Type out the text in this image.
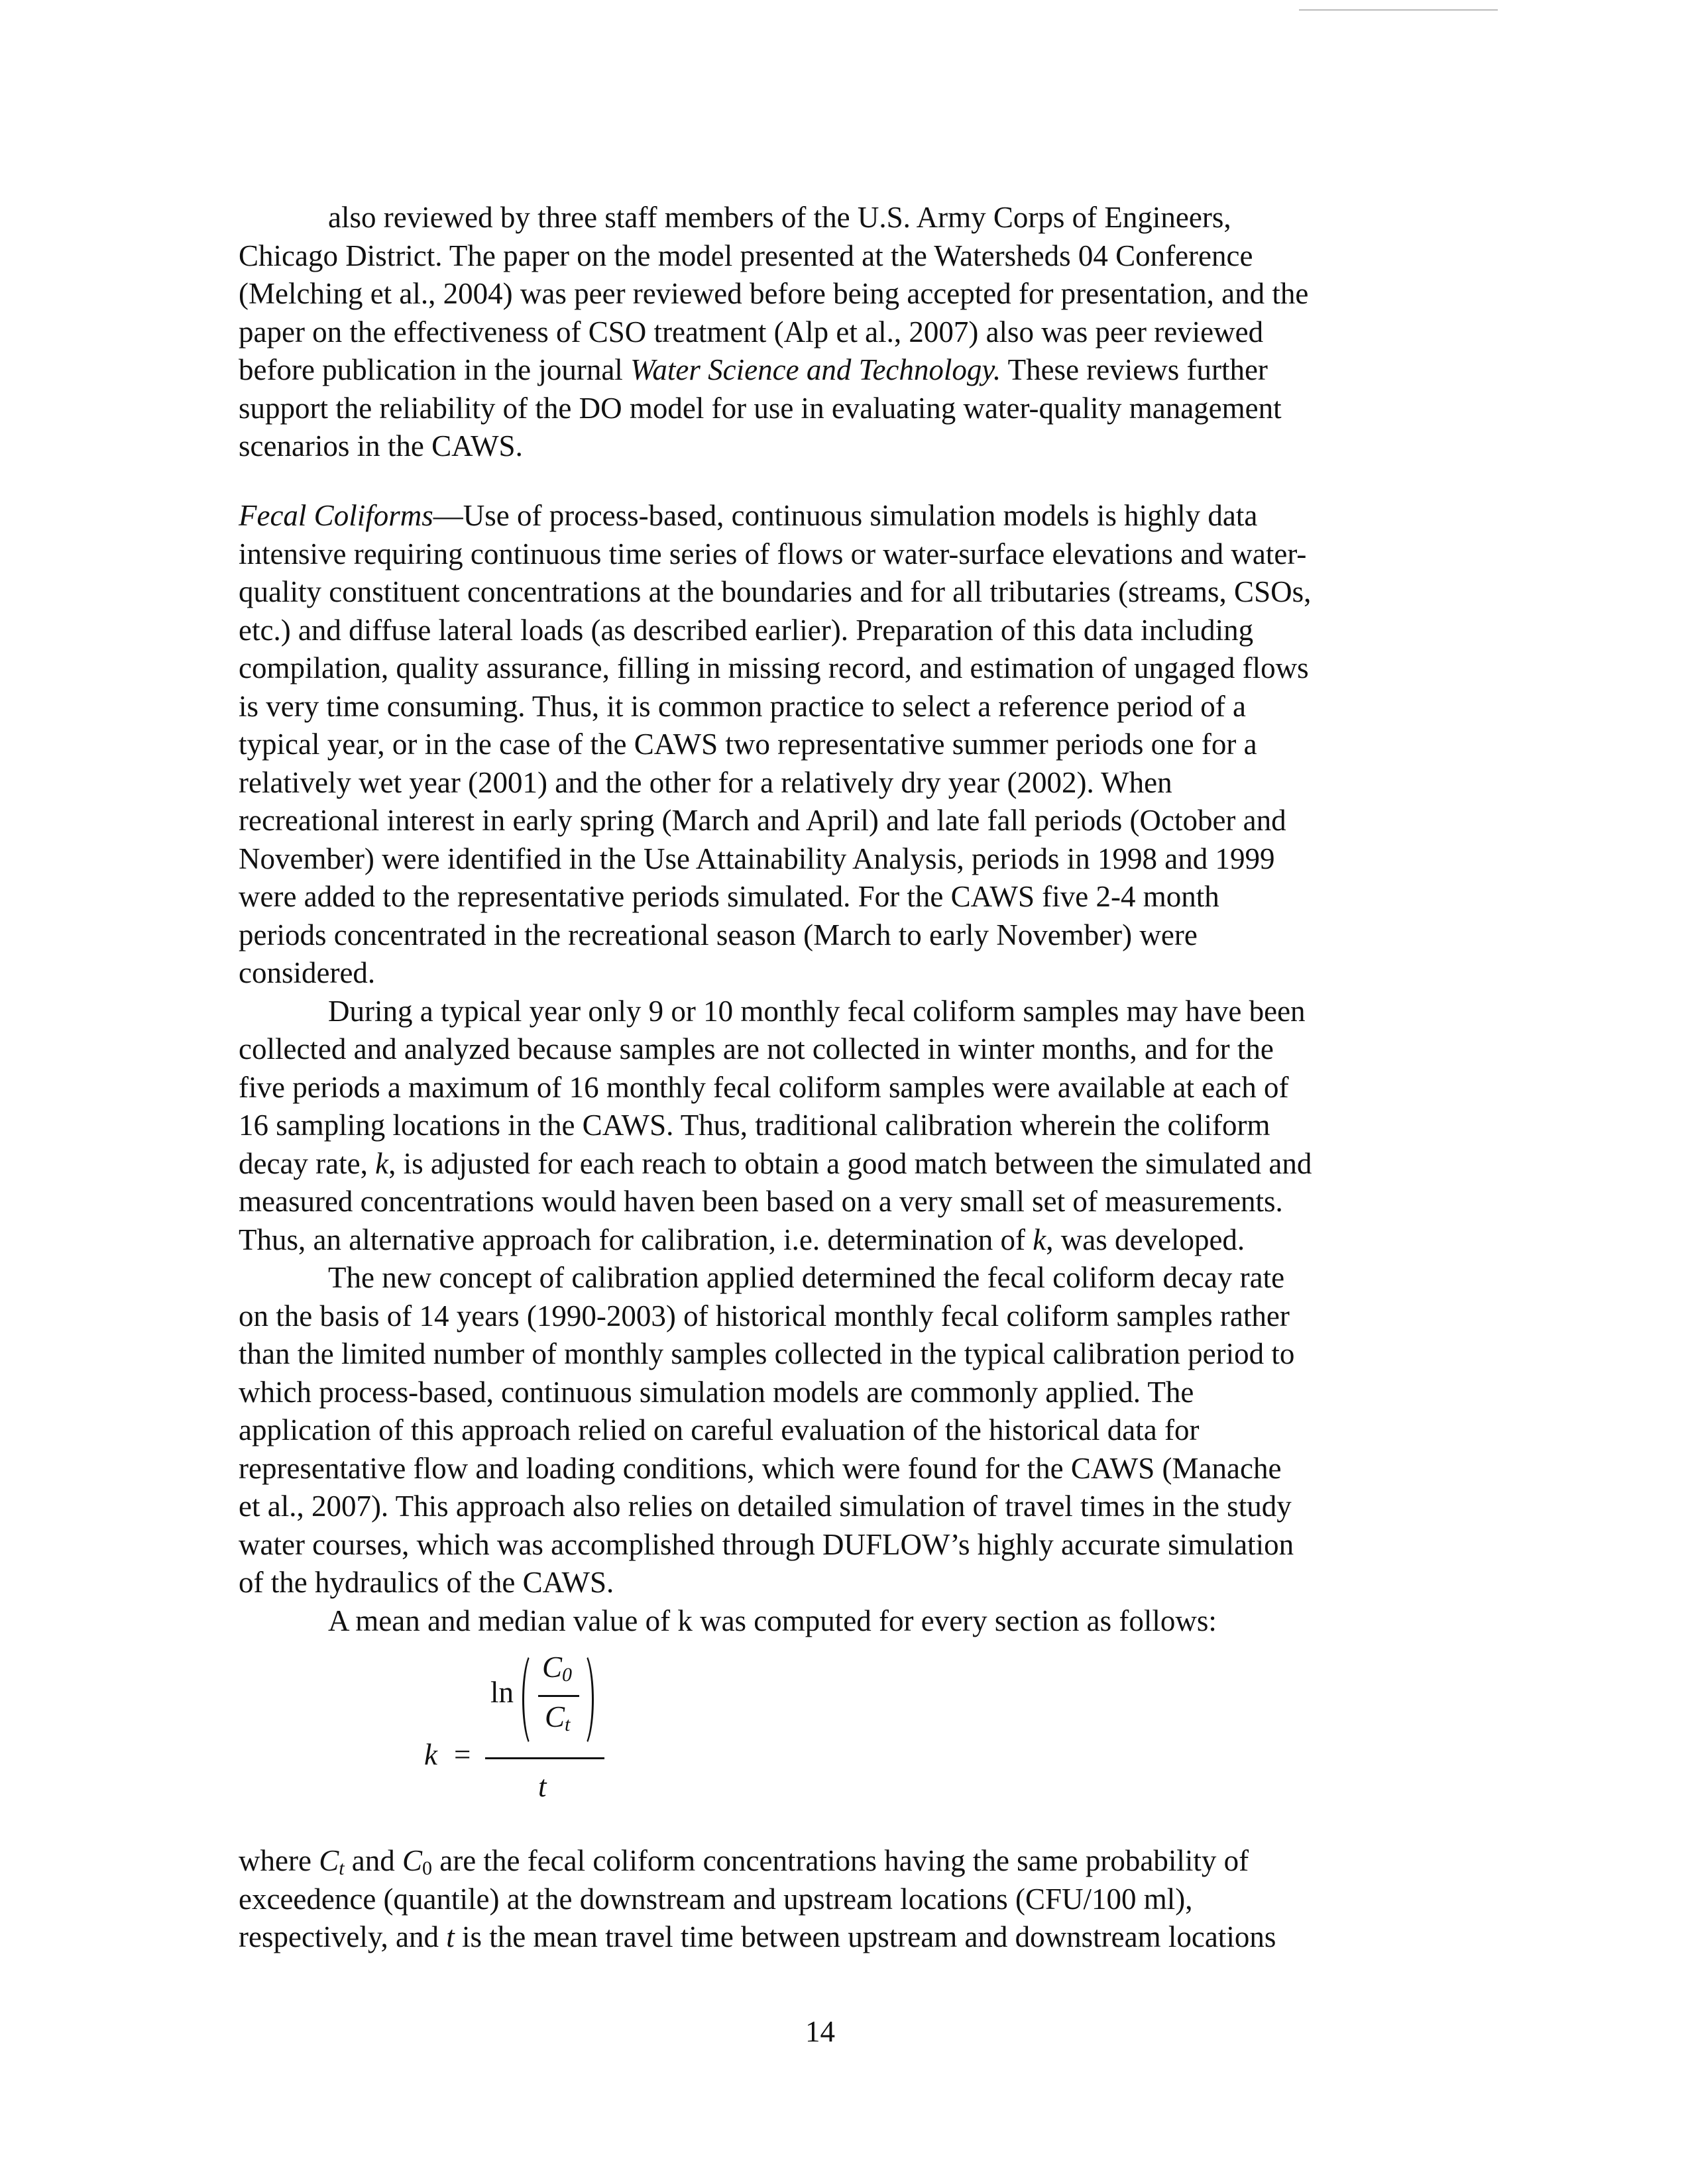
also reviewed by three staff members of the U.S. Army Corps of Engineers,
Chicago District. The paper on the model presented at the Watersheds 04 Conference
(Melching et al., 2004) was peer reviewed before being accepted for presentation, and the
paper on the effectiveness of CSO treatment (Alp et al., 2007) also was peer reviewed
before publication in the journal Water Science and Technology. These reviews further
support the reliability of the DO model for use in evaluating water-quality management
scenarios in the CAWS.
Fecal Coliforms—Use of process-based, continuous simulation models is highly data
intensive requiring continuous time series of flows or water-surface elevations and water-
quality constituent concentrations at the boundaries and for all tributaries (streams, CSOs,
etc.) and diffuse lateral loads (as described earlier). Preparation of this data including
compilation, quality assurance, filling in missing record, and estimation of ungaged flows
is very time consuming. Thus, it is common practice to select a reference period of a
typical year, or in the case of the CAWS two representative summer periods one for a
relatively wet year (2001) and the other for a relatively dry year (2002). When
recreational interest in early spring (March and April) and late fall periods (October and
November) were identified in the Use Attainability Analysis, periods in 1998 and 1999
were added to the representative periods simulated. For the CAWS five 2-4 month
periods concentrated in the recreational season (March to early November) were
considered.
During a typical year only 9 or 10 monthly fecal coliform samples may have been
collected and analyzed because samples are not collected in winter months, and for the
five periods a maximum of 16 monthly fecal coliform samples were available at each of
16 sampling locations in the CAWS. Thus, traditional calibration wherein the coliform
decay rate, k, is adjusted for each reach to obtain a good match between the simulated and
measured concentrations would haven been based on a very small set of measurements.
Thus, an alternative approach for calibration, i.e. determination of k, was developed.
The new concept of calibration applied determined the fecal coliform decay rate
on the basis of 14 years (1990-2003) of historical monthly fecal coliform samples rather
than the limited number of monthly samples collected in the typical calibration period to
which process-based, continuous simulation models are commonly applied. The
application of this approach relied on careful evaluation of the historical data for
representative flow and loading conditions, which were found for the CAWS (Manache
et al., 2007). This approach also relies on detailed simulation of travel times in the study
water courses, which was accomplished through DUFLOW’s highly accurate simulation
of the hydraulics of the CAWS.
A mean and median value of k was computed for every section as follows:
k =
ln
$C_0$
$C_t$
t
where $C_t$ and $C_0$ are the fecal coliform concentrations having the same probability of
exceedence (quantile) at the downstream and upstream locations (CFU/100 ml),
respectively, and t is the mean travel time between upstream and downstream locations
14
